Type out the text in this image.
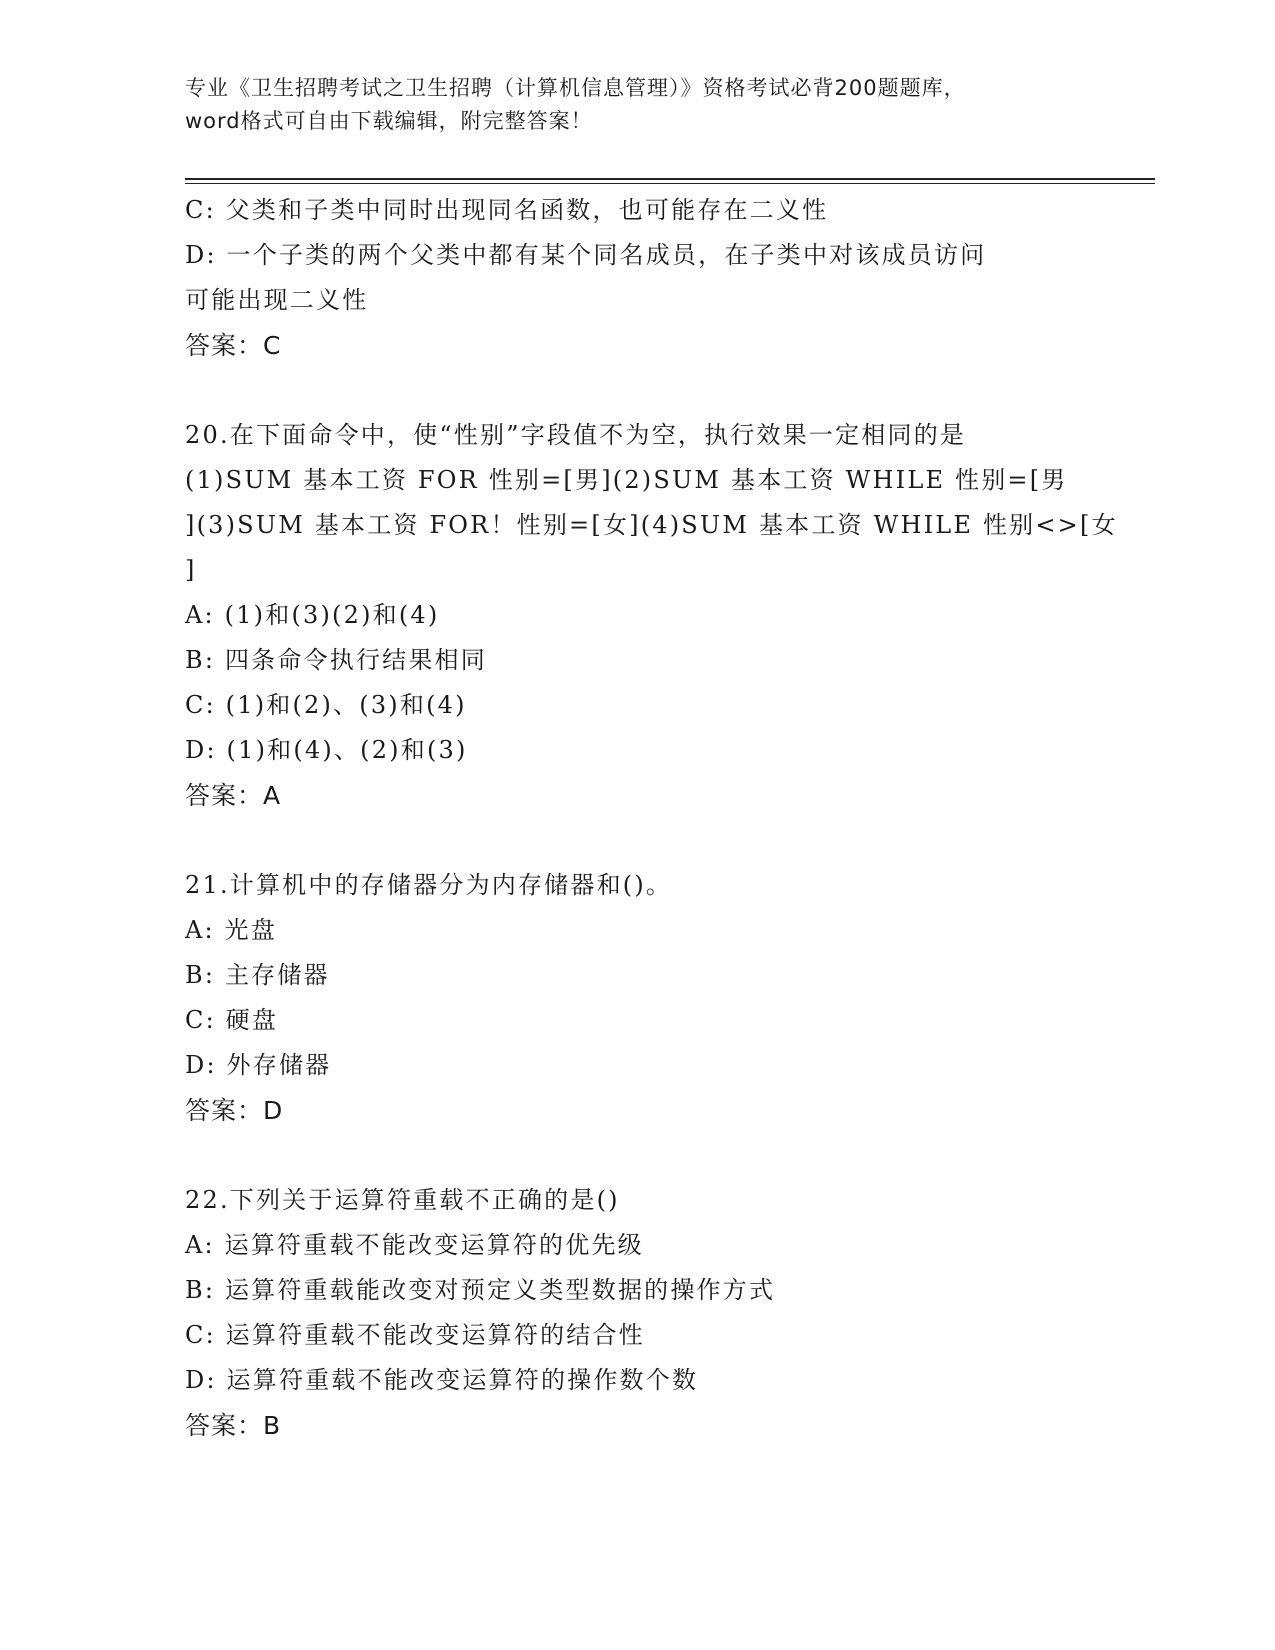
专业《卫生招聘考试之卫生招聘（计算机信息管理）》资格考试必背200题题库，
word格式可自由下载编辑，附完整答案！
C: 父类和子类中同时出现同名函数，也可能存在二义性
D: 一个子类的两个父类中都有某个同名成员，在子类中对该成员访问
可能出现二义性
答案：C
20.在下面命令中，使“性别”字段值不为空，执行效果一定相同的是
(1)SUM 基本工资 FOR 性别=[男](2)SUM 基本工资 WHILE 性别=[男
](3)SUM 基本工资 FOR！性别=[女](4)SUM 基本工资 WHILE 性别<>[女
]
A: (1)和(3)(2)和(4)
B: 四条命令执行结果相同
C: (1)和(2)、(3)和(4)
D: (1)和(4)、(2)和(3)
答案：A
21.计算机中的存储器分为内存储器和()。
A: 光盘
B: 主存储器
C: 硬盘
D: 外存储器
答案：D
22.下列关于运算符重载不正确的是()
A: 运算符重载不能改变运算符的优先级
B: 运算符重载能改变对预定义类型数据的操作方式
C: 运算符重载不能改变运算符的结合性
D: 运算符重载不能改变运算符的操作数个数
答案：B
